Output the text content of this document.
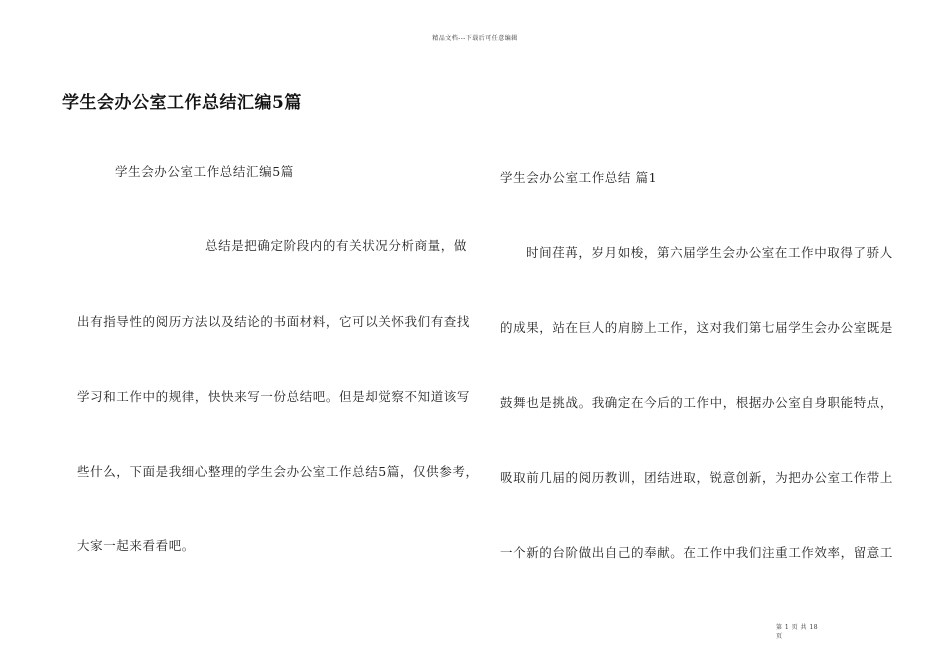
精品文档---下载后可任意编辑
学生会办公室工作总结汇编5篇
学生会办公室工作总结汇编5篇
总结是把确定阶段内的有关状况分析商量，做
出有指导性的阅历方法以及结论的书面材料，它可以关怀我们有查找
学习和工作中的规律，快快来写一份总结吧。但是却觉察不知道该写
些什么，下面是我细心整理的学生会办公室工作总结5篇，仅供参考，
大家一起来看看吧。
学生会办公室工作总结 篇1
时间荏苒，岁月如梭，第六届学生会办公室在工作中取得了骄人
的成果，站在巨人的肩膀上工作，这对我们第七届学生会办公室既是
鼓舞也是挑战。我确定在今后的工作中，根据办公室自身职能特点，
吸取前几届的阅历教训，团结进取，锐意创新，为把办公室工作带上
一个新的台阶做出自己的奉献。在工作中我们注重工作效率，留意工
第 1 页 共 18
页
